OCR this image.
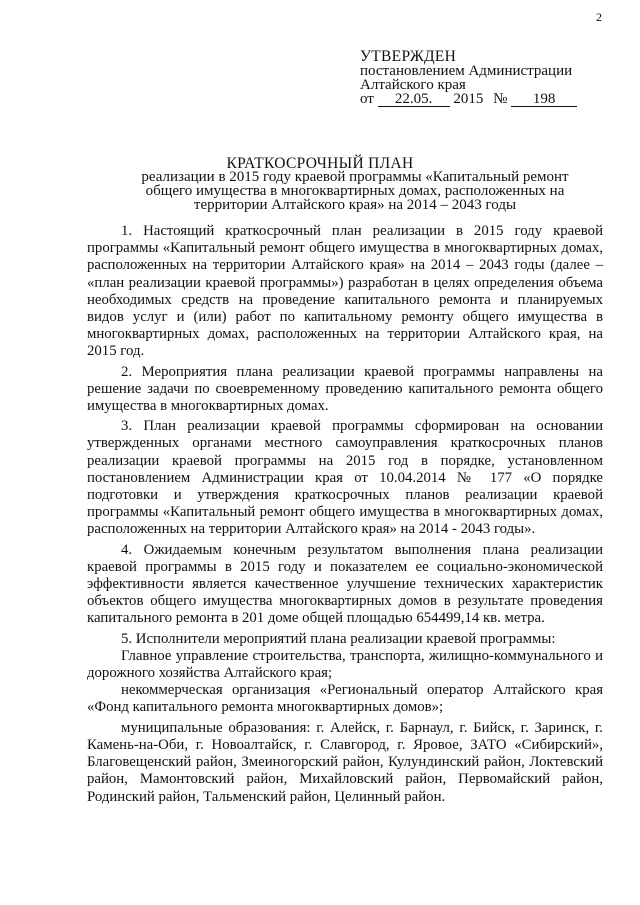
2
УТВЕРЖДЕН
постановлением Администрации
Алтайского края
от 22.05. 2015 № 198
КРАТКОСРОЧНЫЙ ПЛАН
реализации в 2015 году краевой программы «Капитальный ремонт общего имущества в многоквартирных домах, расположенных на территории Алтайского края» на 2014 – 2043 годы

1. Настоящий краткосрочный план реализации в 2015 году краевой программы «Капитальный ремонт общего имущества в многоквартирных домах, расположенных на территории Алтайского края» на 2014 – 2043 годы (далее – «план реализации краевой программы») разработан в целях определения объема необходимых средств на проведение капитального ремонта и планируемых видов услуг и (или) работ по капитальному ремонту общего имущества в многоквартирных домах, расположенных на территории Алтайского края, на 2015 год.

2. Мероприятия плана реализации краевой программы направлены на решение задачи по своевременному проведению капитального ремонта общего имущества в многоквартирных домах.

3. План реализации краевой программы сформирован на основании утвержденных органами местного самоуправления краткосрочных планов реализации краевой программы на 2015 год в порядке, установленном постановлением Администрации края от 10.04.2014 № 177 «О порядке подготовки и утверждения краткосрочных планов реализации краевой программы «Капитальный ремонт общего имущества в многоквартирных домах, расположенных на территории Алтайского края» на 2014 - 2043 годы».

4. Ожидаемым конечным результатом выполнения плана реализации краевой программы в 2015 году и показателем ее социально-экономической эффективности является качественное улучшение технических характеристик объектов общего имущества многоквартирных домов в результате проведения капитального ремонта в 201 доме общей площадью 654499,14 кв. метра.

5. Исполнители мероприятий плана реализации краевой программы:

Главное управление строительства, транспорта, жилищно-коммунального и дорожного хозяйства Алтайского края;

некоммерческая организация «Региональный оператор Алтайского края «Фонд капитального ремонта многоквартирных домов»;

муниципальные образования: г. Алейск, г. Барнаул, г. Бийск, г. Заринск, г. Камень-на-Оби, г. Новоалтайск, г. Славгород, г. Яровое, ЗАТО «Сибирский», Благовещенский район, Змеиногорский район, Кулундинский район, Локтевский район, Мамонтовский район, Михайловский район, Первомайский район, Родинский район, Тальменский район, Целинный район.
